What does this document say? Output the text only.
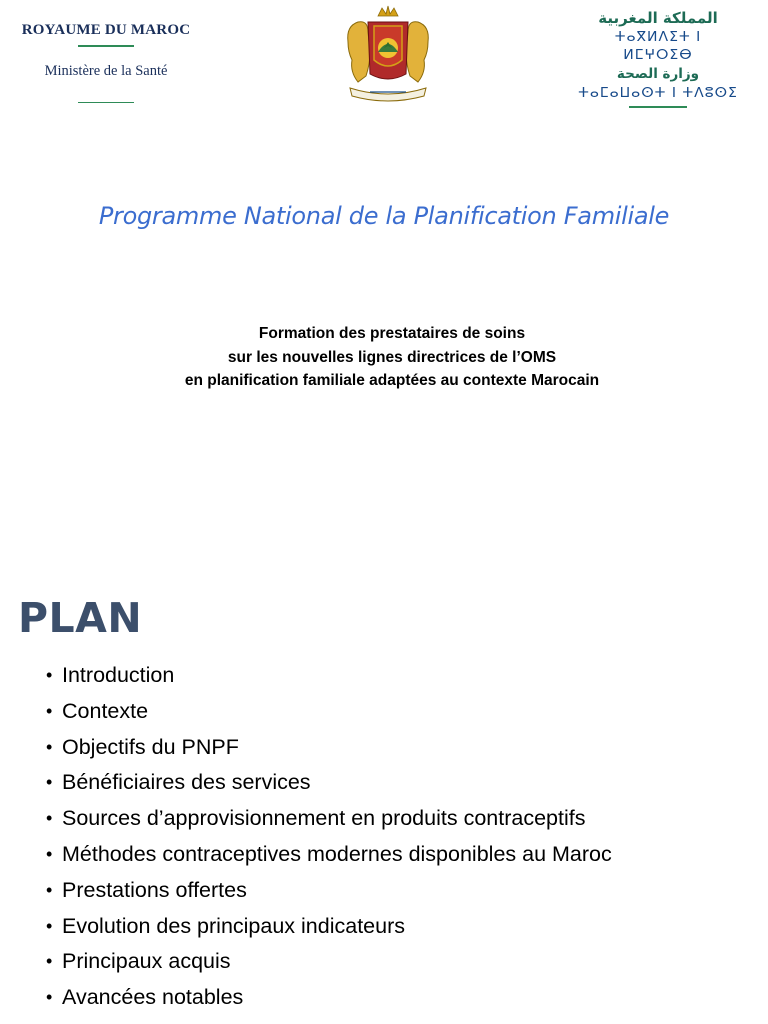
ROYAUME DU MAROC
Ministère de la Santé
المملكة المغربية
ⵜⴰⴳⵍⴷⵉⵜ ⵏ ⵍⵎⵖⵔⵉⴱ
وزارة الصحة
ⵜⴰⵎⴰⵡⴰⵙⵜ ⵏ ⵜⴷⵓⵙⵉ
Programme National de la Planification Familiale
Formation des prestataires de soins
sur les nouvelles lignes directrices de l’OMS
en planification familiale adaptées au contexte Marocain
PLAN
• Introduction
• Contexte
• Objectifs du PNPF
• Bénéficiaires des services
• Sources d’approvisionnement en produits contraceptifs
• Méthodes contraceptives modernes disponibles au Maroc
• Prestations offertes
• Evolution des principaux indicateurs
• Principaux acquis
• Avancées notables
